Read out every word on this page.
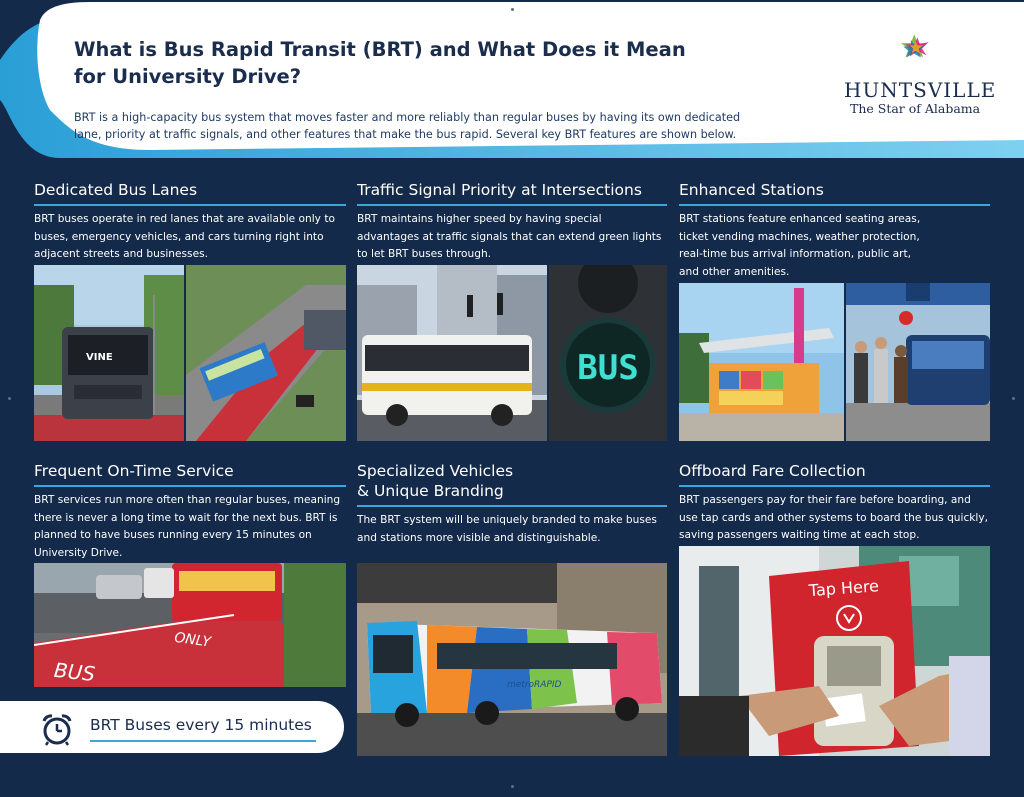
What is Bus Rapid Transit (BRT) and What Does it Mean for University Drive?
BRT is a high-capacity bus system that moves faster and more reliably than regular buses by having its own dedicated lane, priority at traffic signals, and other features that make the bus rapid. Several key BRT features are shown below.
HUNTSVILLE
The Star of Alabama
Dedicated Bus Lanes
BRT buses operate in red lanes that are available only to buses, emergency vehicles, and cars turning right into adjacent streets and businesses.
VINE
Traffic Signal Priority at Intersections
BRT maintains higher speed by having special advantages at traffic signals that can extend green lights to let BRT buses through.
BUS
Enhanced Stations
BRT stations feature enhanced seating areas, ticket vending machines, weather protection, real-time bus arrival information, public art, and other amenities.
Frequent On-Time Service
BRT services run more often than regular buses, meaning there is never a long time to wait for the next bus. BRT is planned to have buses running every 15 minutes on University Drive.
ONLY
BUS
BRT Buses every 15 minutes
Specialized Vehicles
& Unique Branding
The BRT system will be uniquely branded to make buses and stations more visible and distinguishable.
metroRAPID
Offboard Fare Collection
BRT passengers pay for their fare before boarding, and use tap cards and other systems to board the bus quickly, saving passengers waiting time at each stop.
Tap Here
